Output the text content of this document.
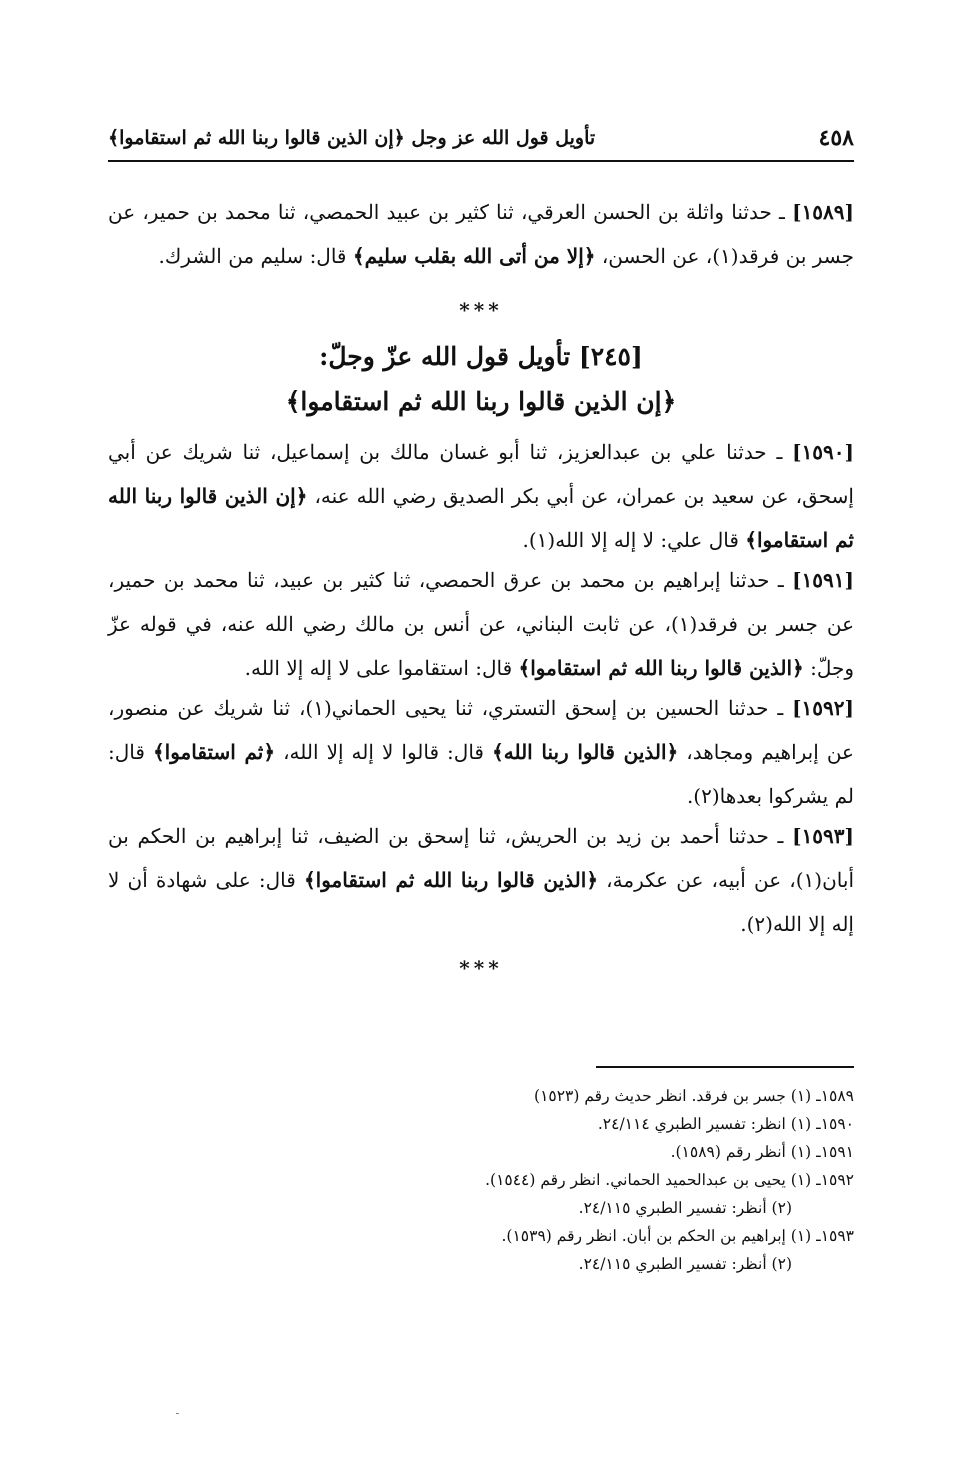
٤٥٨
تأويل قول الله عز وجل ﴿إن الذين قالوا ربنا الله ثم استقاموا﴾

[١٥٨٩] ـ حدثنا واثلة بن الحسن العرقي، ثنا كثير بن عبيد الحمصي، ثنا محمد بن حمير، عن جسر بن فرقد(١)، عن الحسن، ﴿إلا من أتى الله بقلب سليم﴾ قال: سليم من الشرك.

***
[٢٤٥] تأويل قول الله عزّ وجلّ:
﴿إن الذين قالوا ربنا الله ثم استقاموا﴾

[١٥٩٠] ـ حدثنا علي بن عبدالعزيز، ثنا أبو غسان مالك بن إسماعيل، ثنا شريك عن أبي إسحق، عن سعيد بن عمران، عن أبي بكر الصديق رضي الله عنه، ﴿إن الذين قالوا ربنا الله ثم استقاموا﴾ قال علي: لا إله إلا الله(١).

[١٥٩١] ـ حدثنا إبراهيم بن محمد بن عرق الحمصي، ثنا كثير بن عبيد، ثنا محمد بن حمير، عن جسر بن فرقد(١)، عن ثابت البناني، عن أنس بن مالك رضي الله عنه، في قوله عزّ وجلّ: ﴿الذين قالوا ربنا الله ثم استقاموا﴾ قال: استقاموا على لا إله إلا الله.

[١٥٩٢] ـ حدثنا الحسين بن إسحق التستري، ثنا يحيى الحماني(١)، ثنا شريك عن منصور، عن إبراهيم ومجاهد، ﴿الذين قالوا ربنا الله﴾ قال: قالوا لا إله إلا الله، ﴿ثم استقاموا﴾ قال: لم يشركوا بعدها(٢).

[١٥٩٣] ـ حدثنا أحمد بن زيد بن الحريش، ثنا إسحق بن الضيف، ثنا إبراهيم بن الحكم بن أبان(١)، عن أبيه، عن عكرمة، ﴿الذين قالوا ربنا الله ثم استقاموا﴾ قال: على شهادة أن لا إله إلا الله(٢).

***
١٥٨٩ـ (١) جسر بن فرقد. انظر حديث رقم (١٥٢٣)
١٥٩٠ـ (١) انظر: تفسير الطبري ٢٤/١١٤.
١٥٩١ـ (١) أنظر رقم (١٥٨٩).
١٥٩٢ـ (١) يحيى بن عبدالحميد الحماني. انظر رقم (١٥٤٤).
(٢) أنظر: تفسير الطبري ٢٤/١١٥.
١٥٩٣ـ (١) إبراهيم بن الحكم بن أبان. انظر رقم (١٥٣٩).
(٢) أنظر: تفسير الطبري ٢٤/١١٥.
